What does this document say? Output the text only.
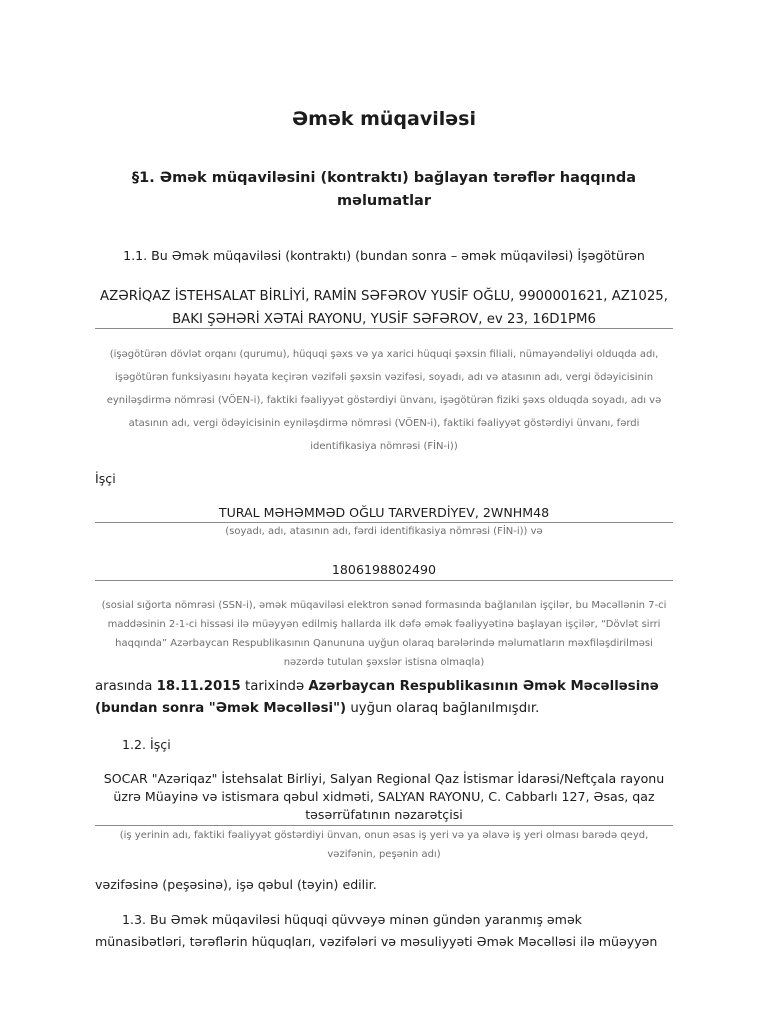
Əmək müqaviləsi
§1. Əmək müqaviləsini (kontraktı) bağlayan tərəflər haqqında məlumatlar
1.1. Bu Əmək müqaviləsi (kontraktı) (bundan sonra – əmək müqaviləsi) İşəgötürən
AZƏRİQAZ İSTEHSALAT BİRLİYİ, RAMİN SƏFƏROV YUSİF OĞLU, 9900001621, AZ1025, BAKI ŞƏHƏRİ XƏTAİ RAYONU, YUSİF SƏFƏROV, ev 23, 16D1PM6
(işəgötürən dövlət orqanı (qurumu), hüquqi şəxs və ya xarici hüquqi şəxsin filiali, nümayəndəliyi olduqda adı, işəgötürən funksiyasını həyata keçirən vəzifəli şəxsin vəzifəsi, soyadı, adı və atasının adı, vergi ödəyicisinin eyniləşdirmə nömrəsi (VÖEN-i), faktiki fəaliyyət göstərdiyi ünvanı, işəgötürən fiziki şəxs olduqda soyadı, adı və atasının adı, vergi ödəyicisinin eyniləşdirmə nömrəsi (VÖEN-i), faktiki fəaliyyət göstərdiyi ünvanı, fərdi identifikasiya nömrəsi (FİN-i))
İşçi
TURAL MƏHƏMMƏD OĞLU TARVERDİYEV, 2WNHM48
(soyadı, adı, atasının adı, fərdi identifikasiya nömrəsi (FİN-i)) və
1806198802490
(sosial sığorta nömrəsi (SSN-i), əmək müqaviləsi elektron sənəd formasında bağlanılan işçilər, bu Məcəllənin 7-ci maddəsinin 2-1-ci hissəsi ilə müəyyən edilmiş hallarda ilk dəfə əmək fəaliyyətinə başlayan işçilər, “Dövlət sirri haqqında” Azərbaycan Respublikasının Qanununa uyğun olaraq barələrində məlumatların məxfiləşdirilməsi nəzərdə tutulan şəxslər istisna olmaqla)
arasında 18.11.2015 tarixində Azərbaycan Respublikasının Əmək Məcəlləsinə (bundan sonra "Əmək Məcəlləsi") uyğun olaraq bağlanılmışdır.
1.2. İşçi
SOCAR "Azəriqaz" İstehsalat Birliyi, Salyan Regional Qaz İstismar İdarəsi/Neftçala rayonu üzrə Müayinə və istismara qəbul xidməti, SALYAN RAYONU, C. Cabbarlı 127, Əsas, qaz təsərrüfatının nəzarətçisi
(iş yerinin adı, faktiki fəaliyyət göstərdiyi ünvan, onun əsas iş yeri və ya əlavə iş yeri olması barədə qeyd, vəzifənin, peşənin adı)
vəzifəsinə (peşəsinə), işə qəbul (təyin) edilir.
1.3. Bu Əmək müqaviləsi hüquqi qüvvəyə minən gündən yaranmış əmək münasibətləri, tərəflərin hüquqları, vəzifələri və məsuliyyəti Əmək Məcəlləsi ilə müəyyən
